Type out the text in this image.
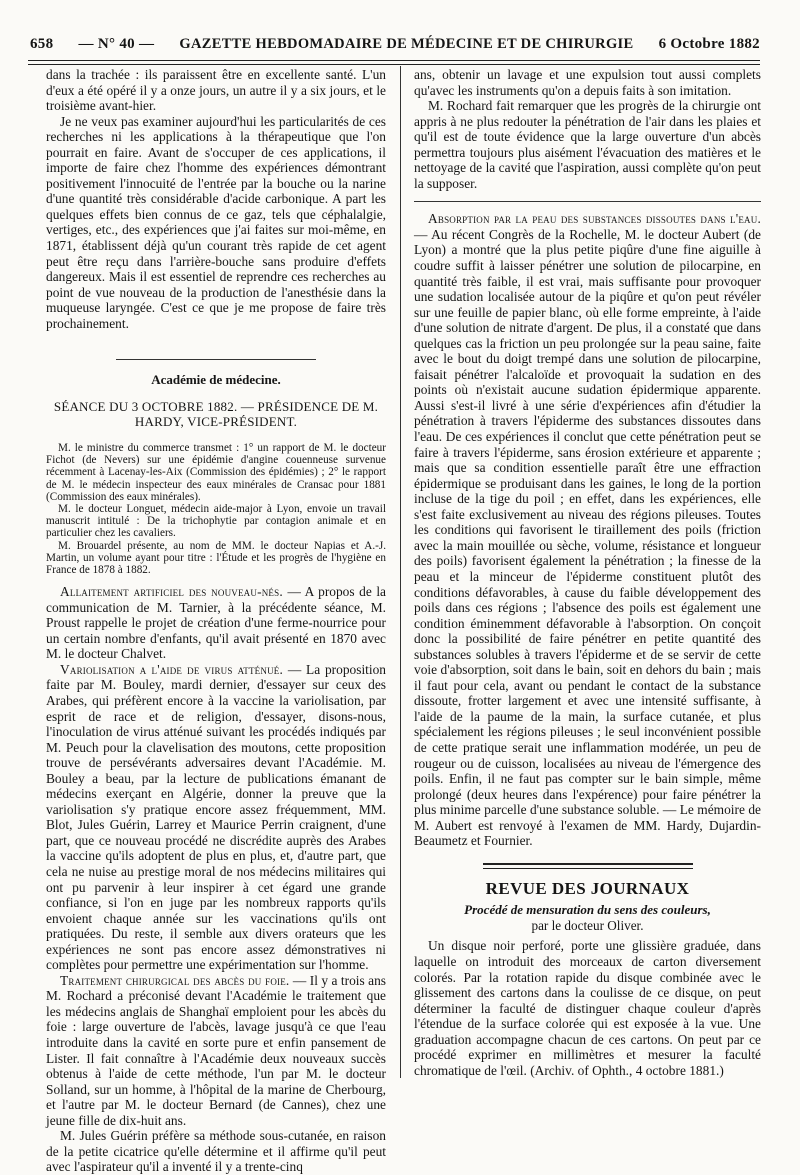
658 — N° 40 — GAZETTE HEBDOMADAIRE DE MÉDECINE ET DE CHIRURGIE 6 Octobre 1882

dans la trachée : ils paraissent être en excellente santé. L'un d'eux a été opéré il y a onze jours, un autre il y a six jours, et le troisième avant-hier.

Je ne veux pas examiner aujourd'hui les particularités de ces recherches ni les applications à la thérapeutique que l'on pourrait en faire. Avant de s'occuper de ces applications, il importe de faire chez l'homme des expériences démontrant positivement l'innocuité de l'entrée par la bouche ou la narine d'une quantité très considérable d'acide carbonique. A part les quelques effets bien connus de ce gaz, tels que céphalalgie, vertiges, etc., des expériences que j'ai faites sur moi-même, en 1871, établissent déjà qu'un courant très rapide de cet agent peut être reçu dans l'arrière-bouche sans produire d'effets dangereux. Mais il est essentiel de reprendre ces recherches au point de vue nouveau de la production de l'anesthésie dans la muqueuse laryngée. C'est ce que je me propose de faire très prochainement.

Académie de médecine.
SÉANCE DU 3 OCTOBRE 1882. — PRÉSIDENCE DE M. HARDY, VICE-PRÉSIDENT.

M. le ministre du commerce transmet : 1° un rapport de M. le docteur Fichot (de Nevers) sur une épidémie d'angine couenneuse survenue récemment à Lacenay-les-Aix (Commission des épidémies) ; 2° le rapport de M. le médecin inspecteur des eaux minérales de Cransac pour 1881 (Commission des eaux minérales).

M. le docteur Longuet, médecin aide-major à Lyon, envoie un travail manuscrit intitulé : De la trichophytie par contagion animale et en particulier chez les cavaliers.

M. Brouardel présente, au nom de MM. le docteur Napias et A.-J. Martin, un volume ayant pour titre : l'Étude et les progrès de l'hygiène en France de 1878 à 1882.

Allaitement artificiel des nouveau-nés. — A propos de la communication de M. Tarnier, à la précédente séance, M. Proust rappelle le projet de création d'une ferme-nourrice pour un certain nombre d'enfants, qu'il avait présenté en 1870 avec M. le docteur Chalvet.

Variolisation a l'aide de virus atténué. — La proposition faite par M. Bouley, mardi dernier, d'essayer sur ceux des Arabes, qui préfèrent encore à la vaccine la variolisation, par esprit de race et de religion, d'essayer, disons-nous, l'inoculation de virus atténué suivant les procédés indiqués par M. Peuch pour la clavelisation des moutons, cette proposition trouve de persévérants adversaires devant l'Académie. M. Bouley a beau, par la lecture de publications émanant de médecins exerçant en Algérie, donner la preuve que la variolisation s'y pratique encore assez fréquemment, MM. Blot, Jules Guérin, Larrey et Maurice Perrin craignent, d'une part, que ce nouveau procédé ne discrédite auprès des Arabes la vaccine qu'ils adoptent de plus en plus, et, d'autre part, que cela ne nuise au prestige moral de nos médecins militaires qui ont pu parvenir à leur inspirer à cet égard une grande confiance, si l'on en juge par les nombreux rapports qu'ils envoient chaque année sur les vaccinations qu'ils ont pratiquées. Du reste, il semble aux divers orateurs que les expériences ne sont pas encore assez démonstratives ni complètes pour permettre une expérimentation sur l'homme.

Traitement chirurgical des abcès du foie. — Il y a trois ans M. Rochard a préconisé devant l'Académie le traitement que les médecins anglais de Shanghaï emploient pour les abcès du foie : large ouverture de l'abcès, lavage jusqu'à ce que l'eau introduite dans la cavité en sorte pure et enfin pansement de Lister. Il fait connaître à l'Académie deux nouveaux succès obtenus à l'aide de cette méthode, l'un par M. le docteur Solland, sur un homme, à l'hôpital de la marine de Cherbourg, et l'autre par M. le docteur Bernard (de Cannes), chez une jeune fille de dix-huit ans.

M. Jules Guérin préfère sa méthode sous-cutanée, en raison de la petite cicatrice qu'elle détermine et il affirme qu'il peut avec l'aspirateur qu'il a inventé il y a trente-cinq

ans, obtenir un lavage et une expulsion tout aussi complets qu'avec les instruments qu'on a depuis faits à son imitation.

M. Rochard fait remarquer que les progrès de la chirurgie ont appris à ne plus redouter la pénétration de l'air dans les plaies et qu'il est de toute évidence que la large ouverture d'un abcès permettra toujours plus aisément l'évacuation des matières et le nettoyage de la cavité que l'aspiration, aussi complète qu'on peut la supposer.

Absorption par la peau des substances dissoutes dans l'eau. — Au récent Congrès de la Rochelle, M. le docteur Aubert (de Lyon) a montré que la plus petite piqûre d'une fine aiguille à coudre suffit à laisser pénétrer une solution de pilocarpine, en quantité très faible, il est vrai, mais suffisante pour provoquer une sudation localisée autour de la piqûre et qu'on peut révéler sur une feuille de papier blanc, où elle forme empreinte, à l'aide d'une solution de nitrate d'argent. De plus, il a constaté que dans quelques cas la friction un peu prolongée sur la peau saine, faite avec le bout du doigt trempé dans une solution de pilocarpine, faisait pénétrer l'alcaloïde et provoquait la sudation en des points où n'existait aucune sudation épidermique apparente. Aussi s'est-il livré à une série d'expériences afin d'étudier la pénétration à travers l'épiderme des substances dissoutes dans l'eau. De ces expériences il conclut que cette pénétration peut se faire à travers l'épiderme, sans érosion extérieure et apparente ; mais que sa condition essentielle paraît être une effraction épidermique se produisant dans les gaines, le long de la portion incluse de la tige du poil ; en effet, dans les expériences, elle s'est faite exclusivement au niveau des régions pileuses. Toutes les conditions qui favorisent le tiraillement des poils (friction avec la main mouillée ou sèche, volume, résistance et longueur des poils) favorisent également la pénétration ; la finesse de la peau et la minceur de l'épiderme constituent plutôt des conditions défavorables, à cause du faible développement des poils dans ces régions ; l'absence des poils est également une condition éminemment défavorable à l'absorption. On conçoit donc la possibilité de faire pénétrer en petite quantité des substances solubles à travers l'épiderme et de se servir de cette voie d'absorption, soit dans le bain, soit en dehors du bain ; mais il faut pour cela, avant ou pendant le contact de la substance dissoute, frotter largement et avec une intensité suffisante, à l'aide de la paume de la main, la surface cutanée, et plus spécialement les régions pileuses ; le seul inconvénient possible de cette pratique serait une inflammation modérée, un peu de rougeur ou de cuisson, localisées au niveau de l'émergence des poils. Enfin, il ne faut pas compter sur le bain simple, même prolongé (deux heures dans l'expérence) pour faire pénétrer la plus minime parcelle d'une substance soluble. — Le mémoire de M. Aubert est renvoyé à l'examen de MM. Hardy, Dujardin-Beaumetz et Fournier.

REVUE DES JOURNAUX
Procédé de mensuration du sens des couleurs,
par le docteur Oliver.

Un disque noir perforé, porte une glissière graduée, dans laquelle on introduit des morceaux de carton diversement colorés. Par la rotation rapide du disque combinée avec le glissement des cartons dans la coulisse de ce disque, on peut déterminer la faculté de distinguer chaque couleur d'après l'étendue de la surface colorée qui est exposée à la vue. Une graduation accompagne chacun de ces cartons. On peut par ce procédé exprimer en millimètres et mesurer la faculté chromatique de l'œil. (Archiv. of Ophth., 4 octobre 1881.)
